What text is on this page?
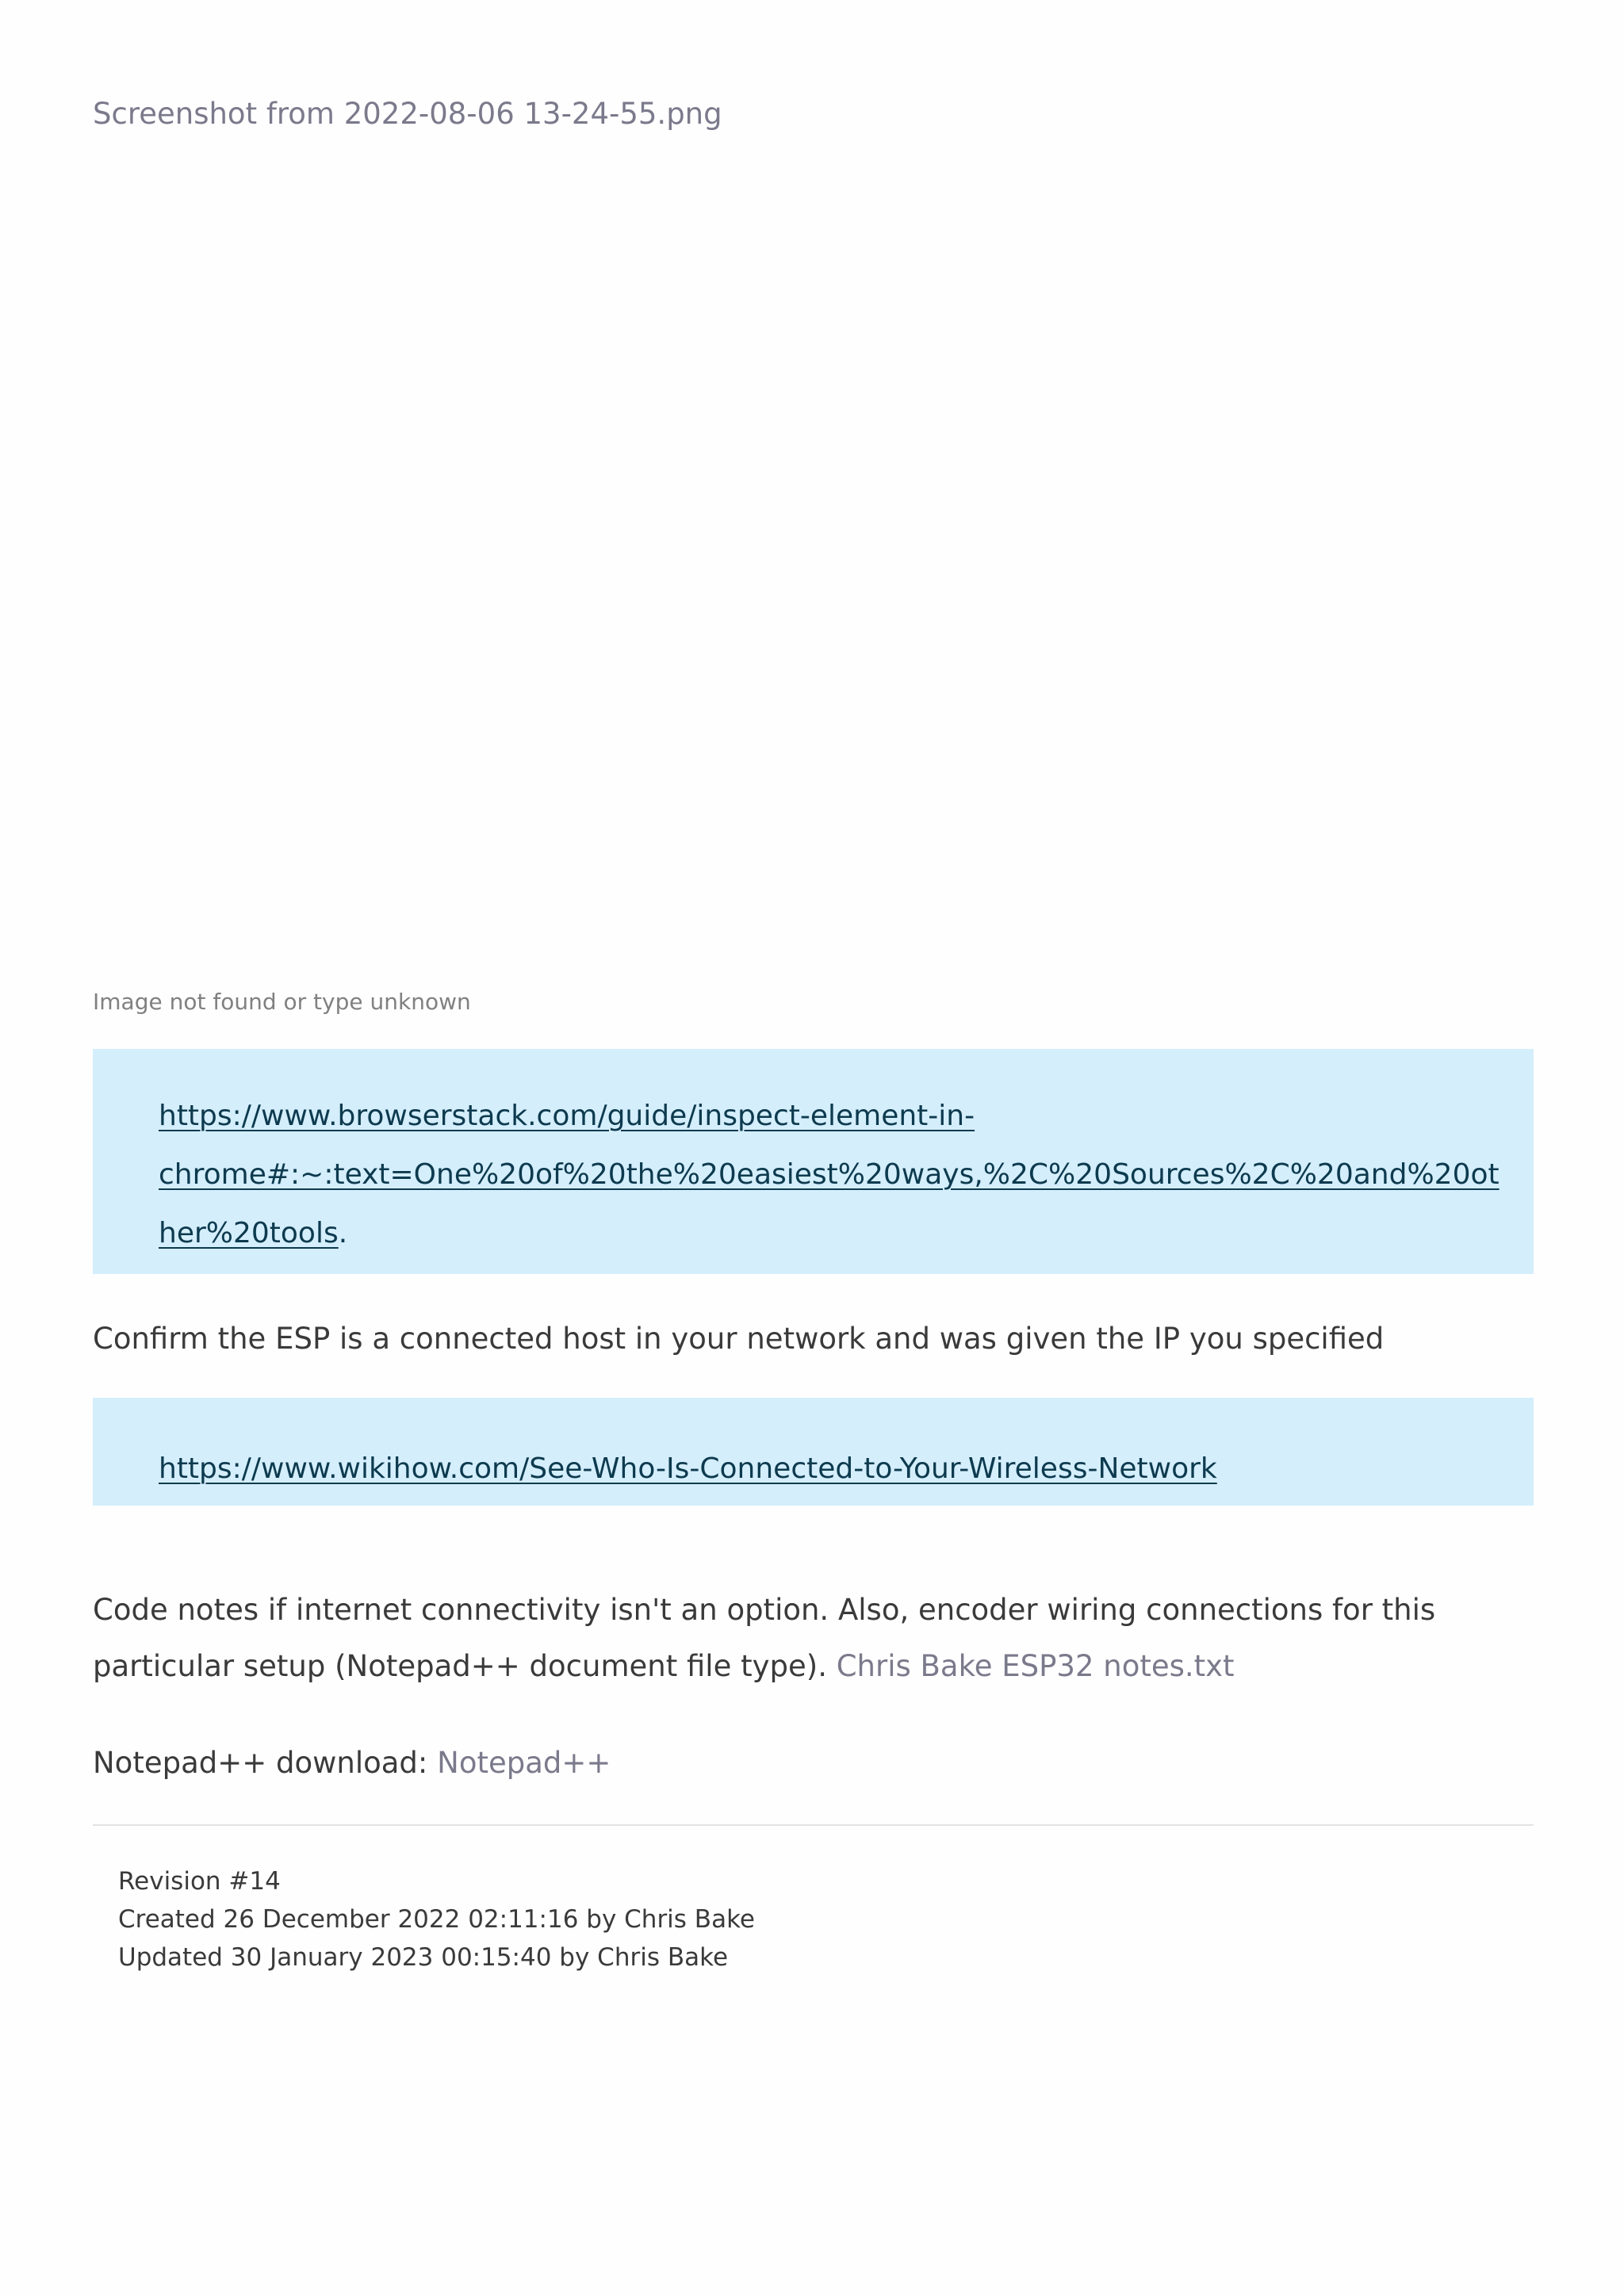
Screenshot from 2022-08-06 13-24-55.png
Image not found or type unknown
https://www.browserstack.com/guide/inspect-element-in-
chrome#:~:text=One%20of%20the%20easiest%20ways,%2C%20Sources%2C%20and%20ot
her%20tools.
Confirm the ESP is a connected host in your network and was given the IP you specified
https://www.wikihow.com/See-Who-Is-Connected-to-Your-Wireless-Network
Code notes if internet connectivity isn't an option. Also, encoder wiring connections for this
particular setup (Notepad++ document file type). Chris Bake ESP32 notes.txt
Notepad++ download: Notepad++
Revision #14
Created 26 December 2022 02:11:16 by Chris Bake
Updated 30 January 2023 00:15:40 by Chris Bake
